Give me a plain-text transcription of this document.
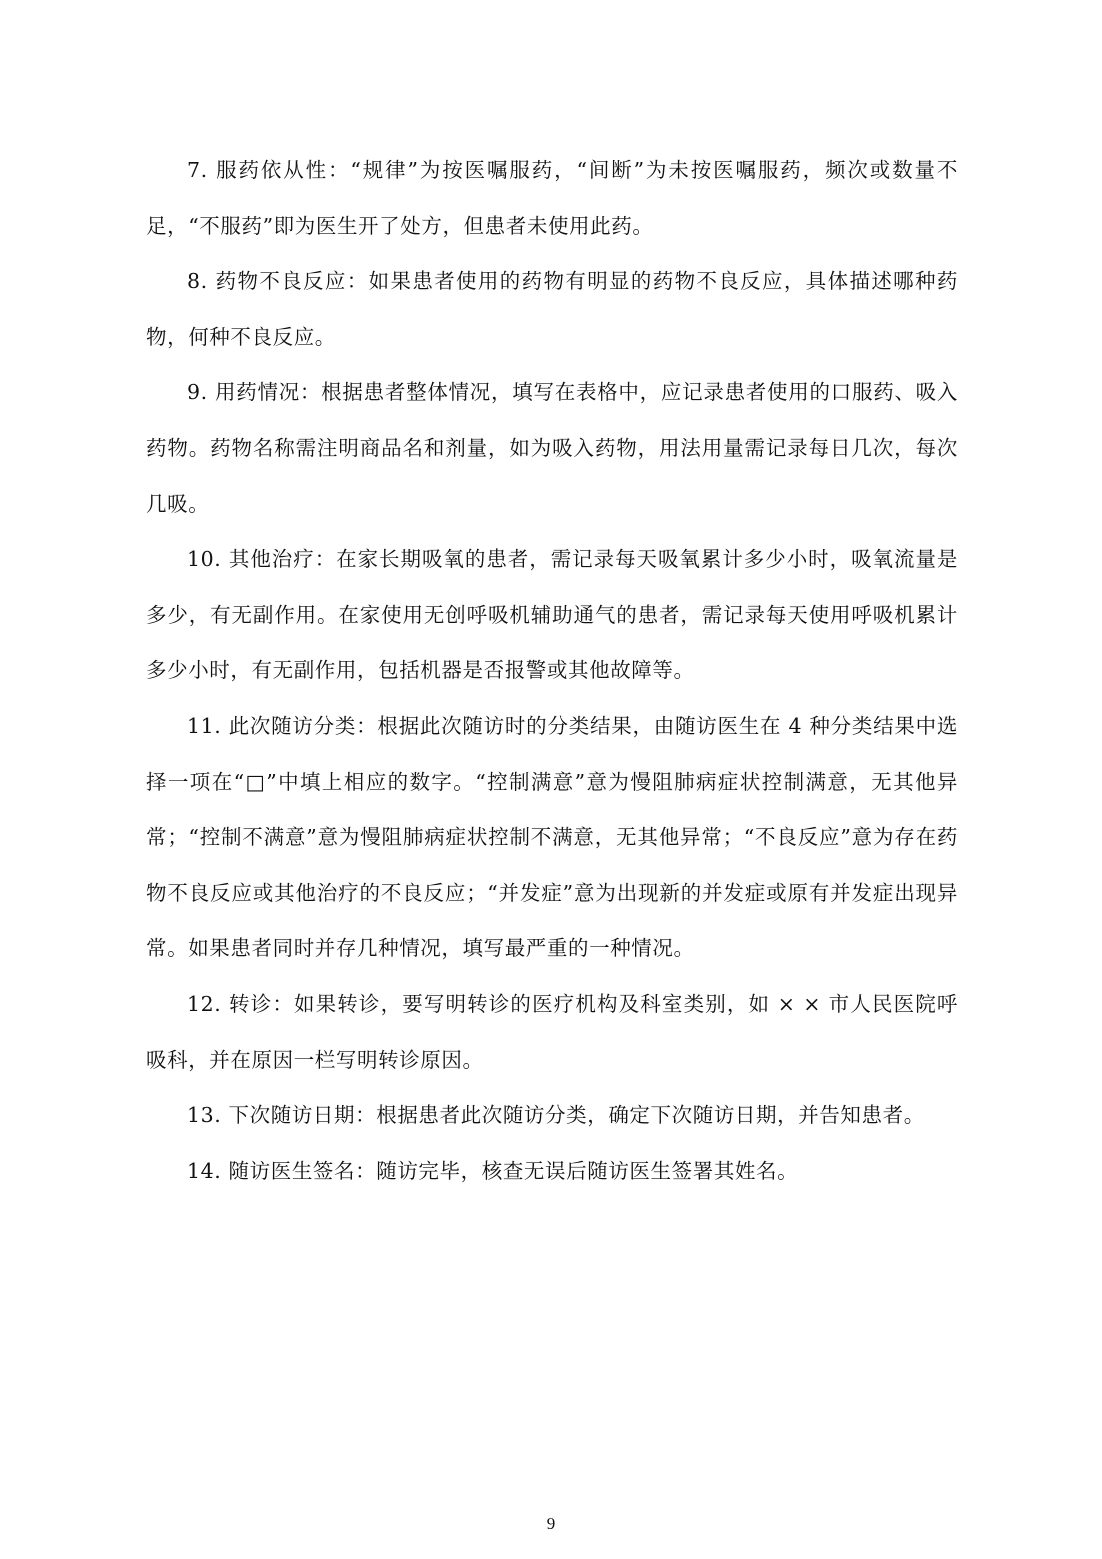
7. 服药依从性：“规律”为按医嘱服药，“间断”为未按医嘱服药，频次或数量不足，“不服药”即为医生开了处方，但患者未使用此药。

8. 药物不良反应：如果患者使用的药物有明显的药物不良反应，具体描述哪种药物，何种不良反应。

9. 用药情况：根据患者整体情况，填写在表格中，应记录患者使用的口服药、吸入药物。药物名称需注明商品名和剂量，如为吸入药物，用法用量需记录每日几次，每次几吸。

10. 其他治疗：在家长期吸氧的患者，需记录每天吸氧累计多少小时，吸氧流量是多少，有无副作用。在家使用无创呼吸机辅助通气的患者，需记录每天使用呼吸机累计多少小时，有无副作用，包括机器是否报警或其他故障等。

11. 此次随访分类：根据此次随访时的分类结果，由随访医生在 4 种分类结果中选择一项在“□”中填上相应的数字。“控制满意”意为慢阻肺病症状控制满意，无其他异常；“控制不满意”意为慢阻肺病症状控制不满意，无其他异常；“不良反应”意为存在药物不良反应或其他治疗的不良反应；“并发症”意为出现新的并发症或原有并发症出现异常。如果患者同时并存几种情况，填写最严重的一种情况。

12. 转诊：如果转诊，要写明转诊的医疗机构及科室类别，如 × × 市人民医院呼吸科，并在原因一栏写明转诊原因。

13. 下次随访日期：根据患者此次随访分类，确定下次随访日期，并告知患者。

14. 随访医生签名：随访完毕，核查无误后随访医生签署其姓名。

9
